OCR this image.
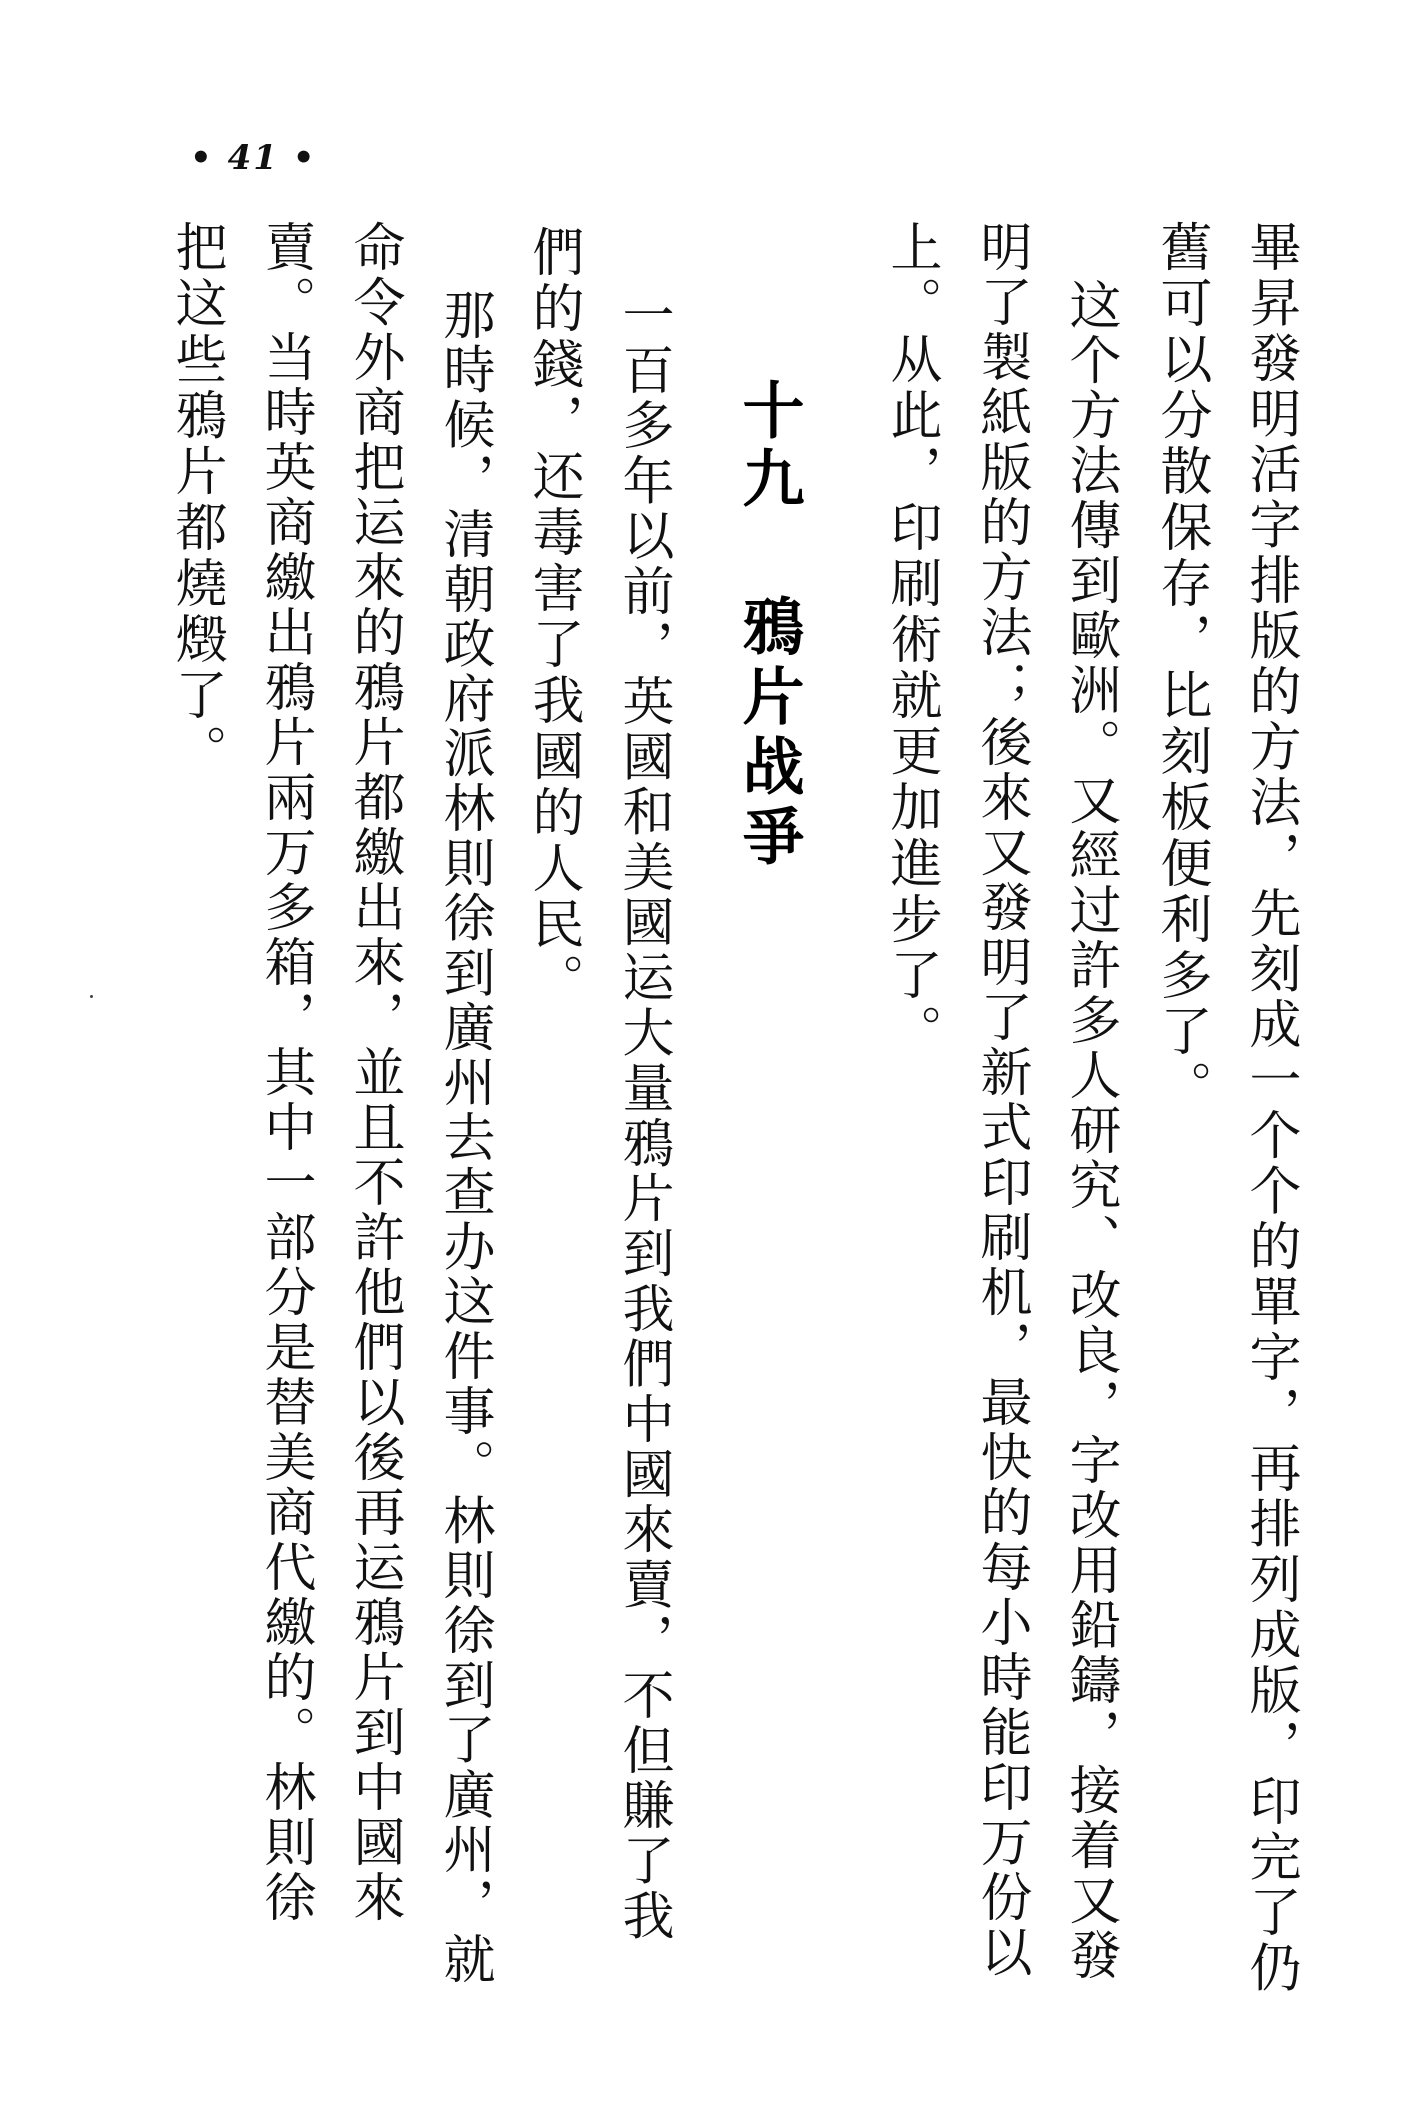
• 41 •
畢昇發明活字排版的方法，先刻成一个个的單字，再排列成版，印完了仍
舊可以分散保存，比刻板便利多了。
这个方法傳到歐洲。又經过許多人研究、改良，字改用鉛鑄，接着又發
明了製紙版的方法；後來又發明了新式印刷机，最快的每小時能印万份以
上。从此，印刷術就更加進步了。
十九鴉片战爭
一百多年以前，英國和美國运大量鴉片到我們中國來賣，不但賺了我
們的錢，还毒害了我國的人民。
那時候，清朝政府派林則徐到廣州去查办这件事。林則徐到了廣州，就
命令外商把运來的鴉片都繳出來，並且不許他們以後再运鴉片到中國來
賣。当時英商繳出鴉片兩万多箱，其中一部分是替美商代繳的。林則徐
把这些鴉片都燒燬了。
